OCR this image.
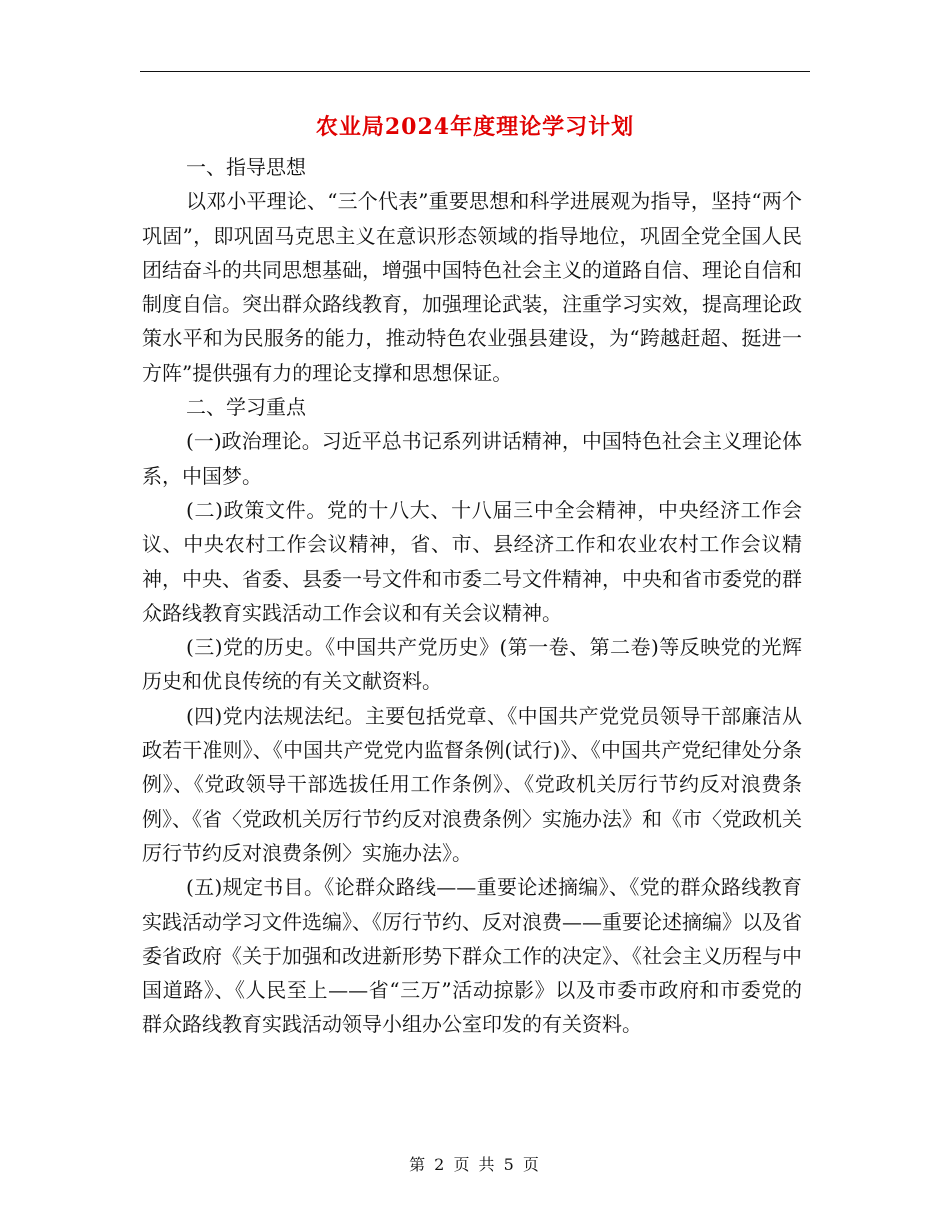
农业局2024年度理论学习计划

一、指导思想

以邓小平理论、“三个代表”重要思想和科学进展观为指导，坚持“两个巩固”，即巩固马克思主义在意识形态领域的指导地位，巩固全党全国人民团结奋斗的共同思想基础，增强中国特色社会主义的道路自信、理论自信和制度自信。突出群众路线教育，加强理论武装，注重学习实效，提高理论政策水平和为民服务的能力，推动特色农业强县建设，为“跨越赶超、挺进一方阵”提供强有力的理论支撑和思想保证。

二、学习重点

(一)政治理论。习近平总书记系列讲话精神，中国特色社会主义理论体系，中国梦。

(二)政策文件。党的十八大、十八届三中全会精神，中央经济工作会议、中央农村工作会议精神，省、市、县经济工作和农业农村工作会议精神，中央、省委、县委一号文件和市委二号文件精神，中央和省市委党的群众路线教育实践活动工作会议和有关会议精神。

(三)党的历史。《中国共产党历史》(第一卷、第二卷)等反映党的光辉历史和优良传统的有关文献资料。

(四)党内法规法纪。主要包括党章、《中国共产党党员领导干部廉洁从政若干准则》、《中国共产党党内监督条例(试行)》、《中国共产党纪律处分条例》、《党政领导干部选拔任用工作条例》、《党政机关厉行节约反对浪费条例》、《省〈党政机关厉行节约反对浪费条例〉实施办法》和《市〈党政机关厉行节约反对浪费条例〉实施办法》。

(五)规定书目。《论群众路线——重要论述摘编》、《党的群众路线教育实践活动学习文件选编》、《厉行节约、反对浪费——重要论述摘编》以及省委省政府《关于加强和改进新形势下群众工作的决定》、《社会主义历程与中国道路》、《人民至上——省“三万”活动掠影》以及市委市政府和市委党的群众路线教育实践活动领导小组办公室印发的有关资料。

第 2 页 共 5 页
